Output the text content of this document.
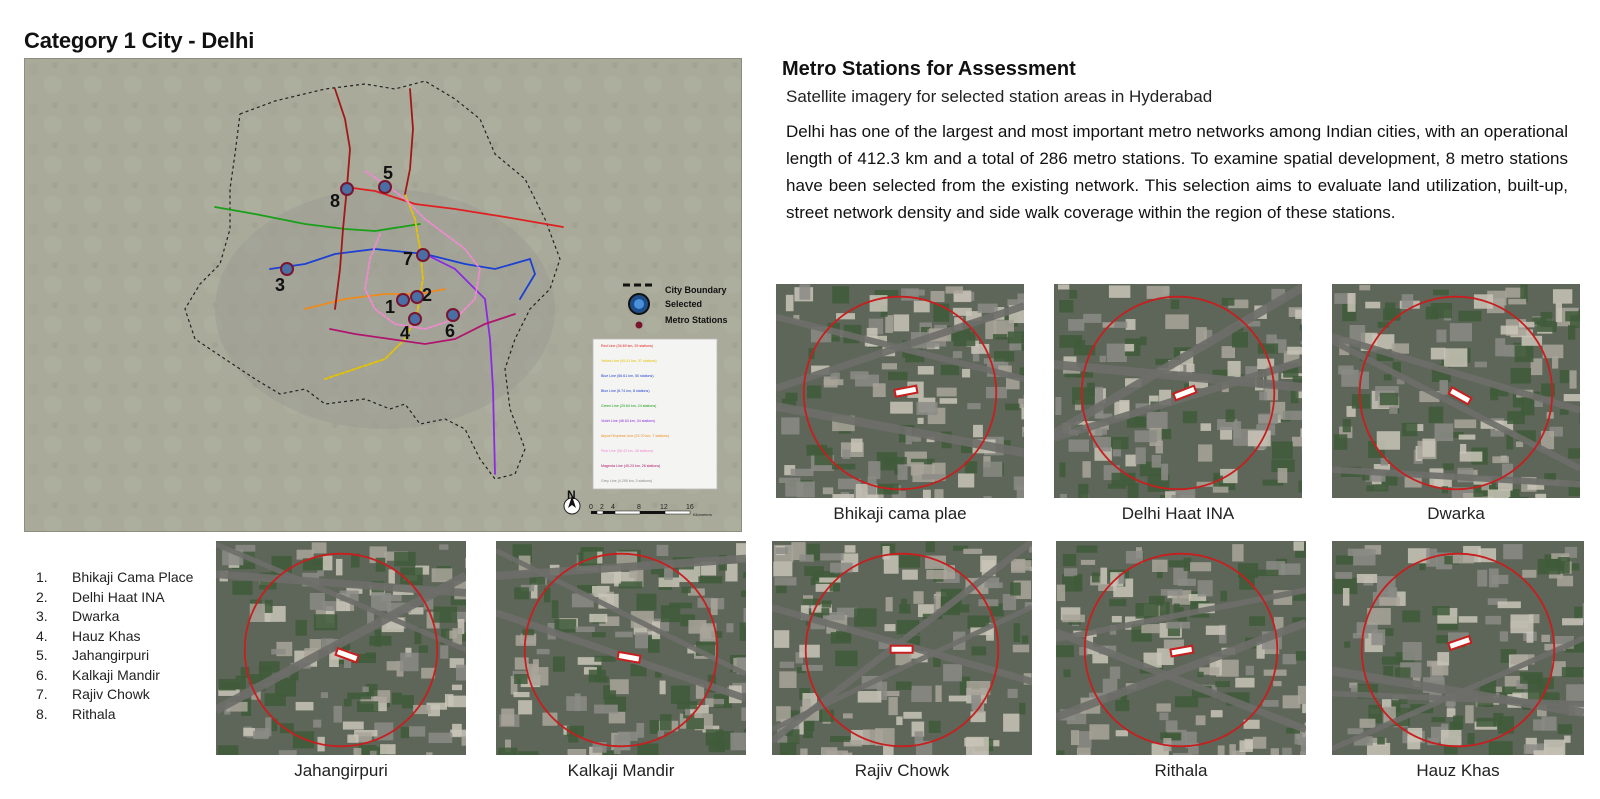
Category 1 City - Delhi
5
8
7
3
1
2
4 6
City Boundary
Selected
Metro Stations
Red Line (34.69 km, 29 stations)
Yellow Line (49.31 km, 37 stations)
Blue Line (56.61 km, 50 stations)
Blue Line (8.74 km, 8 stations)
Green Line (29.64 km, 24 stations)
Violet Line (46.63 km, 34 stations)
Airport Express Line (22.70 km, 7 stations)
Pink Line (58.43 km, 38 stations)
Magenta Line (40.23 km, 26 stations)
Grey Line (4.295 km, 3 stations)
N
0 2 4	8	12	16
Kilometers
1.	Bhikaji Cama Place
2.	Delhi Haat INA
3.	Dwarka
4.	Hauz Khas
5.	Jahangirpuri
6.	Kalkaji Mandir
7.	Rajiv Chowk
8.	Rithala
Metro Stations for Assessment
Satellite imagery for selected station areas in Hyderabad

Delhi has one of the largest and most important metro networks among Indian cities, with an operational length of 412.3 km and a total of 286 metro stations. To examine spatial development, 8 metro stations have been selected from the existing network. This selection aims to evaluate land utilization, built-up, street network density and side walk coverage within the region of these stations.

Bhikaji cama plae	Delhi Haat INA	Dwarka
Jahangirpuri	Kalkaji Mandir	Rajiv Chowk	Rithala	Hauz Khas
